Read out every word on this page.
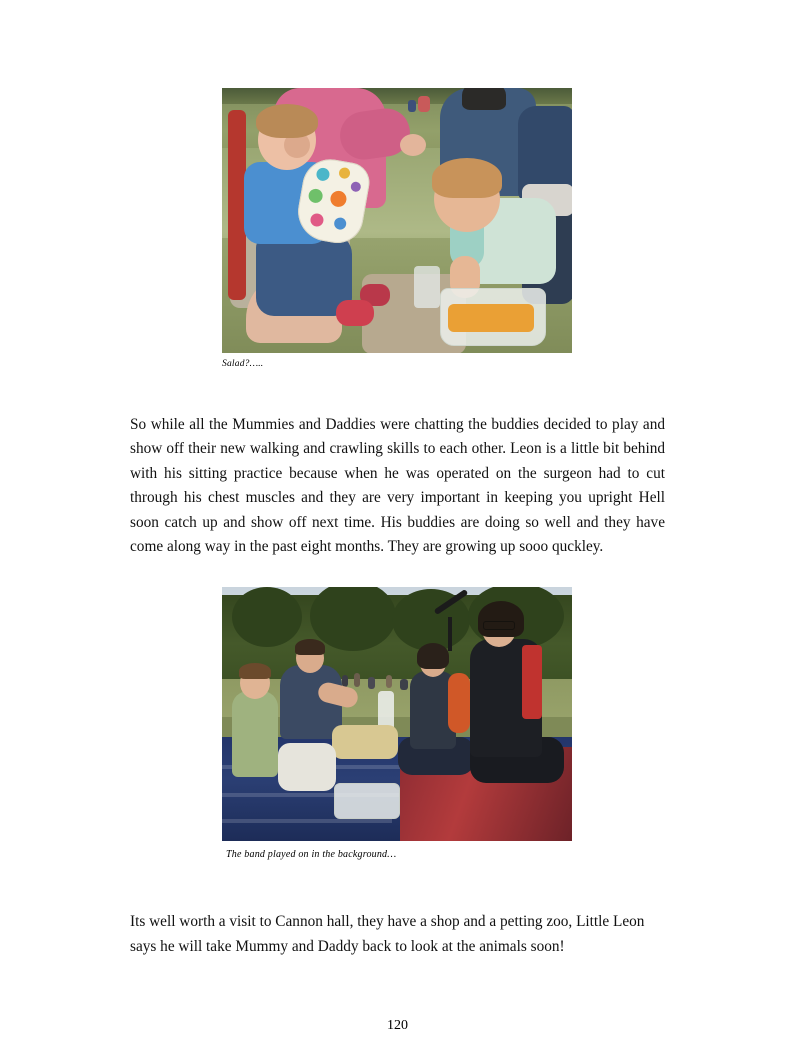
Salad?…..

So while all the Mummies and Daddies were chatting the buddies decided to play and show off their new walking and crawling skills to each other. Leon is a little bit behind with his sitting practice because when he was operated on the surgeon had to cut through his chest muscles and they are very important in keeping you upright Hell soon catch up and show off next time. His buddies are doing so well and they have come along way in the past eight months. They are growing up sooo quckley.

The band played on in the background…

Its well worth a visit to Cannon hall, they have a shop and a petting zoo, Little Leon says he will take Mummy and Daddy back to look at the animals soon!

120
